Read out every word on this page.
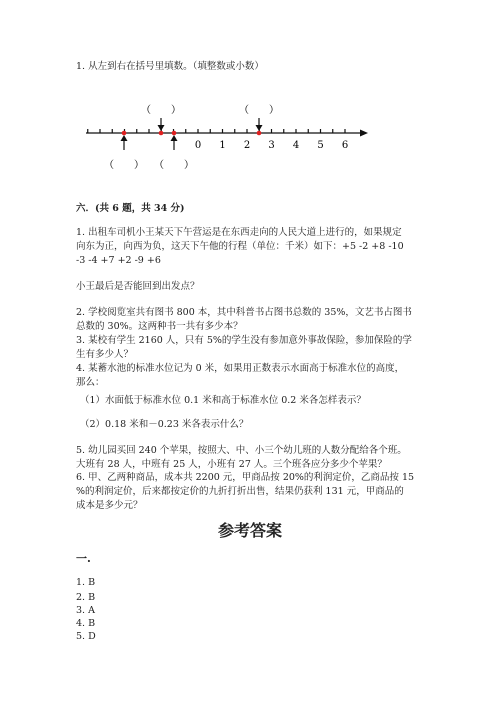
1. 从左到右在括号里填数。（填整数或小数）

0 1 2 3 4 5 6
（　　）	（　　）
（　　） （　　）

六．(共 6 题，共 34 分)

1. 出租车司机小王某天下午营运是在东西走向的人民大道上进行的，如果规定

向东为正，向西为负，这天下午他的行程（单位：千米）如下：+5 -2 +8 -10

-3 -4 +7 +2 -9 +6

小王最后是否能回到出发点？

2. 学校阅览室共有图书 800 本，其中科普书占图书总数的 35%，文艺书占图书

总数的 30%。这两种书一共有多少本？

3. 某校有学生 2160 人，只有 5%的学生没有参加意外事故保险，参加保险的学

生有多少人？

4. 某蓄水池的标准水位记为 0 米，如果用正数表示水面高于标准水位的高度，

那么：

（1）水面低于标准水位 0.1 米和高于标准水位 0.2 米各怎样表示？

（2）0.18 米和－0.23 米各表示什么？

5. 幼儿园买回 240 个苹果，按照大、中、小三个幼儿班的人数分配给各个班。

大班有 28 人，中班有 25 人，小班有 27 人。三个班各应分多少个苹果？

6. 甲、乙两种商品，成本共 2200 元，甲商品按 20%的利润定价，乙商品按 15

%的利润定价，后来都按定价的九折打折出售，结果仍获利 131 元，甲商品的

成本是多少元？

参考答案

一.

1. B

2. B

3. A

4. B

5. D
